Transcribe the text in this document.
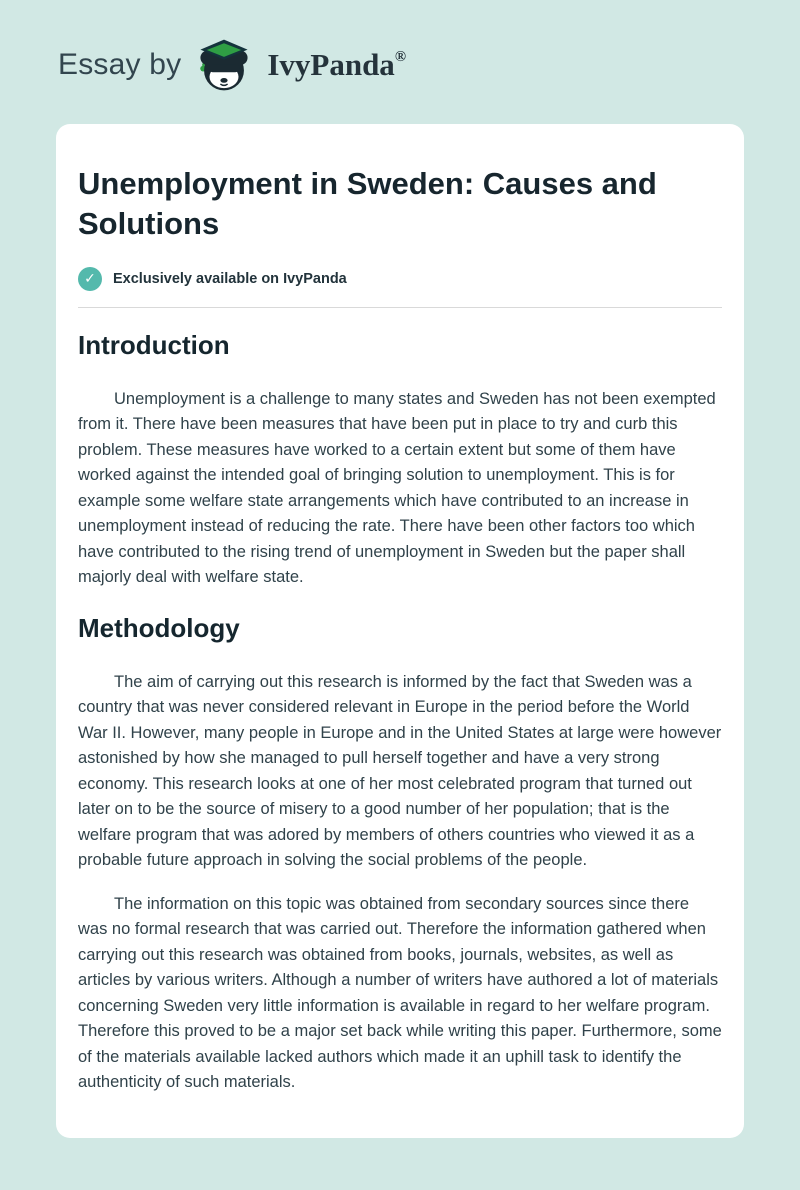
Essay by	IvyPanda ®
Unemployment in Sweden: Causes and Solutions
✓	Exclusively available on IvyPanda
Introduction

Unemployment is a challenge to many states and Sweden has not been exempted from it. There have been measures that have been put in place to try and curb this problem. These measures have worked to a certain extent but some of them have worked against the intended goal of bringing solution to unemployment. This is for example some welfare state arrangements which have contributed to an increase in unemployment instead of reducing the rate. There have been other factors too which have contributed to the rising trend of unemployment in Sweden but the paper shall majorly deal with welfare state.

Methodology

The aim of carrying out this research is informed by the fact that Sweden was a country that was never considered relevant in Europe in the period before the World War II. However, many people in Europe and in the United States at large were however astonished by how she managed to pull herself together and have a very strong economy. This research looks at one of her most celebrated program that turned out later on to be the source of misery to a good number of her population; that is the welfare program that was adored by members of others countries who viewed it as a probable future approach in solving the social problems of the people.

The information on this topic was obtained from secondary sources since there was no formal research that was carried out. Therefore the information gathered when carrying out this research was obtained from books, journals, websites, as well as articles by various writers. Although a number of writers have authored a lot of materials concerning Sweden very little information is available in regard to her welfare program. Therefore this proved to be a major set back while writing this paper. Furthermore, some of the materials available lacked authors which made it an uphill task to identify the authenticity of such materials.
